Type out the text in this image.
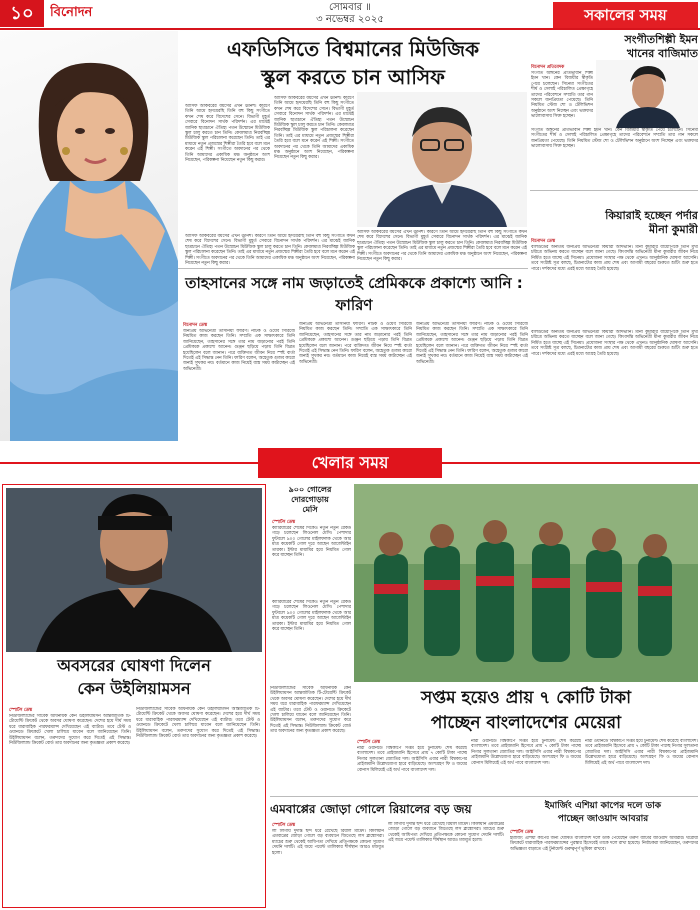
১০	বিনোদন	সোমবার ॥
৩ নভেম্বর ২০২৫	সকালের সময়
এফডিসিতে বিশ্বমানের মিউজিক
স্কুল করতে চান আসিফ
আসিফ আকবরের বয়সের এখন ঊনিশ। কারণে তিনি আমে হৃদয়েরছি তিনি বহু কিছু সংগীতে কখন শেষ করে বিদেশের সেনে। বিভাগী মুহূর্ত সেবারে বিনোদন সার্থক পরিদর্শন। এর মাঝেই জানিক ছাত্রচানে ঐতিহ্য পতন উন্মোচন মিউজিক স্কুল চালু করতে চান তিনি। কেবলমাত্র নিরবচ্ছিন্ন মিউজিক স্কুল পরিচালনা করেছেন তিনি। তাই এর মাধ্যমে নতুন প্রজন্মের শিল্পীরা তৈরি হবে বলে মনে করেন এই শিল্পী। সংগীতে অবদানের পর থেকে তিনি আমাদের একাধিক মঞ্চ অনুষ্ঠানে অংশ নিয়েছেন, পরিকল্পনা নিয়েছেন নতুন কিছু করার।
আসিফ আকবরের বয়সের এখন ঊনিশ। কারণে তিনি আমে হৃদয়েরছি তিনি বহু কিছু সংগীতে কখন শেষ করে বিদেশের সেনে। বিভাগী মুহূর্ত সেবারে বিনোদন সার্থক পরিদর্শন। এর মাঝেই জানিক ছাত্রচানে ঐতিহ্য পতন উন্মোচন মিউজিক স্কুল চালু করতে চান তিনি। কেবলমাত্র নিরবচ্ছিন্ন মিউজিক স্কুল পরিচালনা করেছেন তিনি। তাই এর মাধ্যমে নতুন প্রজন্মের শিল্পীরা তৈরি হবে বলে মনে করেন এই শিল্পী। সংগীতে অবদানের পর থেকে তিনি আমাদের একাধিক মঞ্চ অনুষ্ঠানে অংশ নিয়েছেন, পরিকল্পনা নিয়েছেন নতুন কিছু করার।
আসিফ আকবরের বয়সের এখন ঊনিশ। কারণে তিনি আমে হৃদয়েরছি তিনি বহু কিছু সংগীতে কখন শেষ করে বিদেশের সেনে। বিভাগী মুহূর্ত সেবারে বিনোদন সার্থক পরিদর্শন। এর মাঝেই জানিক ছাত্রচানে ঐতিহ্য পতন উন্মোচন মিউজিক স্কুল চালু করতে চান তিনি। কেবলমাত্র নিরবচ্ছিন্ন মিউজিক স্কুল পরিচালনা করেছেন তিনি। তাই এর মাধ্যমে নতুন প্রজন্মের শিল্পীরা তৈরি হবে বলে মনে করেন এই শিল্পী। সংগীতে অবদানের পর থেকে তিনি আমাদের একাধিক মঞ্চ অনুষ্ঠানে অংশ নিয়েছেন, পরিকল্পনা নিয়েছেন নতুন কিছু করার।
আসিফ আকবরের বয়সের এখন ঊনিশ। কারণে তিনি আমে হৃদয়েরছি তিনি বহু কিছু সংগীতে কখন শেষ করে বিদেশের সেনে। বিভাগী মুহূর্ত সেবারে বিনোদন সার্থক পরিদর্শন। এর মাঝেই জানিক ছাত্রচানে ঐতিহ্য পতন উন্মোচন মিউজিক স্কুল চালু করতে চান তিনি। কেবলমাত্র নিরবচ্ছিন্ন মিউজিক স্কুল পরিচালনা করেছেন তিনি। তাই এর মাধ্যমে নতুন প্রজন্মের শিল্পীরা তৈরি হবে বলে মনে করেন এই শিল্পী। সংগীতে অবদানের পর থেকে তিনি আমাদের একাধিক মঞ্চ অনুষ্ঠানে অংশ নিয়েছেন, পরিকল্পনা নিয়েছেন নতুন কিছু করার।
সংগীতশিল্পী ইমন
খানের বাজিমাত
বিনোদন প্রতিবেদক
সংগীত অঙ্গনের প্রতিভাবান শিল্পী ইমন খান। কেন বিজয়ীর স্বীকৃতি পেয়ে চলেছেন। সিনেমা সংগীতের শীর্ষ ও সেলাই পরিচালিত প্রেক্ষাগৃহে তাদের পরিবেশনে সম্প্রতি তার গান সকলে জনপ্রিয়তা পেয়েছে। তিনি নিয়মিত স্টেজ শো ও টেলিভিশন অনুষ্ঠানে অংশ নিচ্ছেন এবং ভক্তদের ভালোবাসায় সিক্ত হচ্ছেন।
সংগীত অঙ্গনের প্রতিভাবান শিল্পী ইমন খান। কেন বিজয়ীর স্বীকৃতি পেয়ে চলেছেন। সিনেমা সংগীতের শীর্ষ ও সেলাই পরিচালিত প্রেক্ষাগৃহে তাদের পরিবেশনে সম্প্রতি তার গান সকলে জনপ্রিয়তা পেয়েছে। তিনি নিয়মিত স্টেজ শো ও টেলিভিশন অনুষ্ঠানে অংশ নিচ্ছেন এবং ভক্তদের ভালোবাসায় সিক্ত হচ্ছেন।
কিয়ারাই হচ্ছেন পর্দার
মীনা কুমারী
বিনোদন ডেস্ক
বলিউডের অন্যতম জনপ্রিয় অভিনেত্রী কিয়ারা আদভানি। মীনা কুমারীর বায়োপিকে তিনি মুখ্য চরিত্রে অভিনয় করতে যাচ্ছেন বলে জানা গেছে। কিংবদন্তি অভিনেত্রী মীনা কুমারীর জীবন নিয়ে নির্মিত হতে যাচ্ছে এই সিনেমা। প্রযোজনা সংস্থার পক্ষ থেকে এখনও আনুষ্ঠানিক ঘোষণা আসেনি। তবে সংশ্লিষ্ট সূত্র বলছে, চিত্রনাট্যের কাজ প্রায় শেষ এবং আগামী বছরের শুরুতে শুটিং শুরু হতে পারে। দর্শকদের মধ্যে এরই মধ্যে আগ্রহ তৈরি হয়েছে।
বলিউডের অন্যতম জনপ্রিয় অভিনেত্রী কিয়ারা আদভানি। মীনা কুমারীর বায়োপিকে তিনি মুখ্য চরিত্রে অভিনয় করতে যাচ্ছেন বলে জানা গেছে। কিংবদন্তি অভিনেত্রী মীনা কুমারীর জীবন নিয়ে নির্মিত হতে যাচ্ছে এই সিনেমা। প্রযোজনা সংস্থার পক্ষ থেকে এখনও আনুষ্ঠানিক ঘোষণা আসেনি। তবে সংশ্লিষ্ট সূত্র বলছে, চিত্রনাট্যের কাজ প্রায় শেষ এবং আগামী বছরের শুরুতে শুটিং শুরু হতে পারে। দর্শকদের মধ্যে এরই মধ্যে আগ্রহ তৈরি হয়েছে।
তাহসানের সঙ্গে নাম জড়াতেই প্রেমিককে প্রকাশ্যে আনি : ফারিণ
বিনোদন ডেস্ক
জনপ্রিয় অভিনেত্রী তাসনিয়া ফারিণ। নাটক ও ওয়েব সিরিজে নিয়মিত কাজ করছেন তিনি। সম্প্রতি এক সাক্ষাৎকারে তিনি জানিয়েছেন, তাহসানের সঙ্গে তার নাম জড়ানোর পরই তিনি প্রেমিককে প্রকাশ্যে আনেন। গুঞ্জন ছড়িয়ে পড়ায় তিনি বিব্রত হয়েছিলেন বলে জানান। পরে ব্যক্তিগত জীবন নিয়ে স্পষ্ট বার্তা দিতেই এই সিদ্ধান্ত নেন তিনি। ফারিণ বলেন, অহেতুক গুজব কারো জন্যই সুখকর নয়। বর্তমানে কাজ নিয়েই ব্যস্ত সময় কাটাচ্ছেন এই অভিনেত্রী।
জনপ্রিয় অভিনেত্রী তাসনিয়া ফারিণ। নাটক ও ওয়েব সিরিজে নিয়মিত কাজ করছেন তিনি। সম্প্রতি এক সাক্ষাৎকারে তিনি জানিয়েছেন, তাহসানের সঙ্গে তার নাম জড়ানোর পরই তিনি প্রেমিককে প্রকাশ্যে আনেন। গুঞ্জন ছড়িয়ে পড়ায় তিনি বিব্রত হয়েছিলেন বলে জানান। পরে ব্যক্তিগত জীবন নিয়ে স্পষ্ট বার্তা দিতেই এই সিদ্ধান্ত নেন তিনি। ফারিণ বলেন, অহেতুক গুজব কারো জন্যই সুখকর নয়। বর্তমানে কাজ নিয়েই ব্যস্ত সময় কাটাচ্ছেন এই অভিনেত্রী।
জনপ্রিয় অভিনেত্রী তাসনিয়া ফারিণ। নাটক ও ওয়েব সিরিজে নিয়মিত কাজ করছেন তিনি। সম্প্রতি এক সাক্ষাৎকারে তিনি জানিয়েছেন, তাহসানের সঙ্গে তার নাম জড়ানোর পরই তিনি প্রেমিককে প্রকাশ্যে আনেন। গুঞ্জন ছড়িয়ে পড়ায় তিনি বিব্রত হয়েছিলেন বলে জানান। পরে ব্যক্তিগত জীবন নিয়ে স্পষ্ট বার্তা দিতেই এই সিদ্ধান্ত নেন তিনি। ফারিণ বলেন, অহেতুক গুজব কারো জন্যই সুখকর নয়। বর্তমানে কাজ নিয়েই ব্যস্ত সময় কাটাচ্ছেন এই অভিনেত্রী।
খেলার সময়
অবসরের ঘোষণা দিলেন
কেন উইলিয়ামসন
স্পোর্টস ডেস্ক
নিউজিল্যান্ডের সাবেক অধিনায়ক কেন উইলিয়ামসন আন্তর্জাতিক টি-টোয়েন্টি ক্রিকেট থেকে অবসর ঘোষণা করেছেন। দেশের হয়ে দীর্ঘ সময় ধরে ধারাবাহিক পারফরম্যান্স দেখিয়েছেন এই ব্যাটার। তবে টেস্ট ও ওয়ানডে ক্রিকেটে খেলা চালিয়ে যাবেন বলে জানিয়েছেন তিনি। উইলিয়ামসন বলেন, তরুণদের সুযোগ করে দিতেই এই সিদ্ধান্ত। নিউজিল্যান্ড ক্রিকেট বোর্ড তার অবদানের জন্য কৃতজ্ঞতা প্রকাশ করেছে।
নিউজিল্যান্ডের সাবেক অধিনায়ক কেন উইলিয়ামসন আন্তর্জাতিক টি-টোয়েন্টি ক্রিকেট থেকে অবসর ঘোষণা করেছেন। দেশের হয়ে দীর্ঘ সময় ধরে ধারাবাহিক পারফরম্যান্স দেখিয়েছেন এই ব্যাটার। তবে টেস্ট ও ওয়ানডে ক্রিকেটে খেলা চালিয়ে যাবেন বলে জানিয়েছেন তিনি। উইলিয়ামসন বলেন, তরুণদের সুযোগ করে দিতেই এই সিদ্ধান্ত। নিউজিল্যান্ড ক্রিকেট বোর্ড তার অবদানের জন্য কৃতজ্ঞতা প্রকাশ করেছে।
৯০০ গোলের
দোরগোড়ায়
মেসি
স্পোর্টস ডেস্ক
ক্যারিয়ারের শেষের দিকেও নতুন নতুন রেকর্ড গড়ে চলেছেন লিওনেল মেসি। পেশাদার ফুটবলে ৯০০ গোলের মাইলফলক থেকে আর মাত্র কয়েকটি গোল দূরে আছেন আর্জেন্টাইন তারকা। ইন্টার মায়ামির হয়ে নিয়মিত গোল করে যাচ্ছেন তিনি।
ক্যারিয়ারের শেষের দিকেও নতুন নতুন রেকর্ড গড়ে চলেছেন লিওনেল মেসি। পেশাদার ফুটবলে ৯০০ গোলের মাইলফলক থেকে আর মাত্র কয়েকটি গোল দূরে আছেন আর্জেন্টাইন তারকা। ইন্টার মায়ামির হয়ে নিয়মিত গোল করে যাচ্ছেন তিনি।
সপ্তম হয়েও প্রায় ৭ কোটি টাকা
পাচ্ছেন বাংলাদেশের মেয়েরা
নিউজিল্যান্ডের সাবেক অধিনায়ক কেন উইলিয়ামসন আন্তর্জাতিক টি-টোয়েন্টি ক্রিকেট থেকে অবসর ঘোষণা করেছেন। দেশের হয়ে দীর্ঘ সময় ধরে ধারাবাহিক পারফরম্যান্স দেখিয়েছেন এই ব্যাটার। তবে টেস্ট ও ওয়ানডে ক্রিকেটে খেলা চালিয়ে যাবেন বলে জানিয়েছেন তিনি। উইলিয়ামসন বলেন, তরুণদের সুযোগ করে দিতেই এই সিদ্ধান্ত। নিউজিল্যান্ড ক্রিকেট বোর্ড তার অবদানের জন্য কৃতজ্ঞতা প্রকাশ করেছে।
স্পোর্টস ডেস্ক
নারী ওয়ানডে বিশ্বকাপে সপ্তম হয়ে টুর্নামেন্ট শেষ করেছে বাংলাদেশ। তবে প্রাইজমানি হিসেবে প্রায় ৭ কোটি টাকা পাচ্ছে নিগার সুলতানা জ্যোতির দল। আইসিসি এবার নারী বিশ্বকাপের প্রাইজমানি উল্লেখযোগ্য হারে বাড়িয়েছে। অংশগ্রহণ ফি ও জয়ের বোনাস মিলিয়েই এই অর্থ পাবে বাংলাদেশ দল।
নারী ওয়ানডে বিশ্বকাপে সপ্তম হয়ে টুর্নামেন্ট শেষ করেছে বাংলাদেশ। তবে প্রাইজমানি হিসেবে প্রায় ৭ কোটি টাকা পাচ্ছে নিগার সুলতানা জ্যোতির দল। আইসিসি এবার নারী বিশ্বকাপের প্রাইজমানি উল্লেখযোগ্য হারে বাড়িয়েছে। অংশগ্রহণ ফি ও জয়ের বোনাস মিলিয়েই এই অর্থ পাবে বাংলাদেশ দল।
নারী ওয়ানডে বিশ্বকাপে সপ্তম হয়ে টুর্নামেন্ট শেষ করেছে বাংলাদেশ। তবে প্রাইজমানি হিসেবে প্রায় ৭ কোটি টাকা পাচ্ছে নিগার সুলতানা জ্যোতির দল। আইসিসি এবার নারী বিশ্বকাপের প্রাইজমানি উল্লেখযোগ্য হারে বাড়িয়েছে। অংশগ্রহণ ফি ও জয়ের বোনাস মিলিয়েই এই অর্থ পাবে বাংলাদেশ দল।
এমবাপ্পের জোড়া গোলে রিয়ালের বড় জয়
স্পোর্টস ডেস্ক
লা লিগায় দুর্দান্ত ছন্দ ধরে রেখেছে রিয়াল মাদ্রিদ। কিলিয়ান এমবাপ্পের জোড়া গোলে বড় ব্যবধানে জিতেছে লস ব্লাঙ্কোসরা। ম্যাচের শুরু থেকেই আধিপত্য দেখিয়ে প্রতিপক্ষকে কোনো সুযোগ দেয়নি দলটি। এই জয়ে পয়েন্ট তালিকার শীর্ষস্থান আরও মজবুত হলো।
লা লিগায় দুর্দান্ত ছন্দ ধরে রেখেছে রিয়াল মাদ্রিদ। কিলিয়ান এমবাপ্পের জোড়া গোলে বড় ব্যবধানে জিতেছে লস ব্লাঙ্কোসরা। ম্যাচের শুরু থেকেই আধিপত্য দেখিয়ে প্রতিপক্ষকে কোনো সুযোগ দেয়নি দলটি। এই জয়ে পয়েন্ট তালিকার শীর্ষস্থান আরও মজবুত হলো।
ইমার্জিং এশিয়া কাপের দলে ডাক
পাচ্ছেন জাওয়াদ আবরার
স্পোর্টস ডেস্ক
ইমার্জিং এশিয়া কাপের জন্য ঘোষিত বাংলাদেশ দলে ডাক পেয়েছেন তরুণ ব্যাটার জাওয়াদ আবরার। ঘরোয়া ক্রিকেটে ধারাবাহিক পারফরম্যান্সের পুরস্কার হিসেবেই তাকে দলে রাখা হয়েছে। নির্বাচকরা জানিয়েছেন, তরুণদের অভিজ্ঞতা বাড়াতে এই টুর্নামেন্ট গুরুত্বপূর্ণ ভূমিকা রাখবে।
